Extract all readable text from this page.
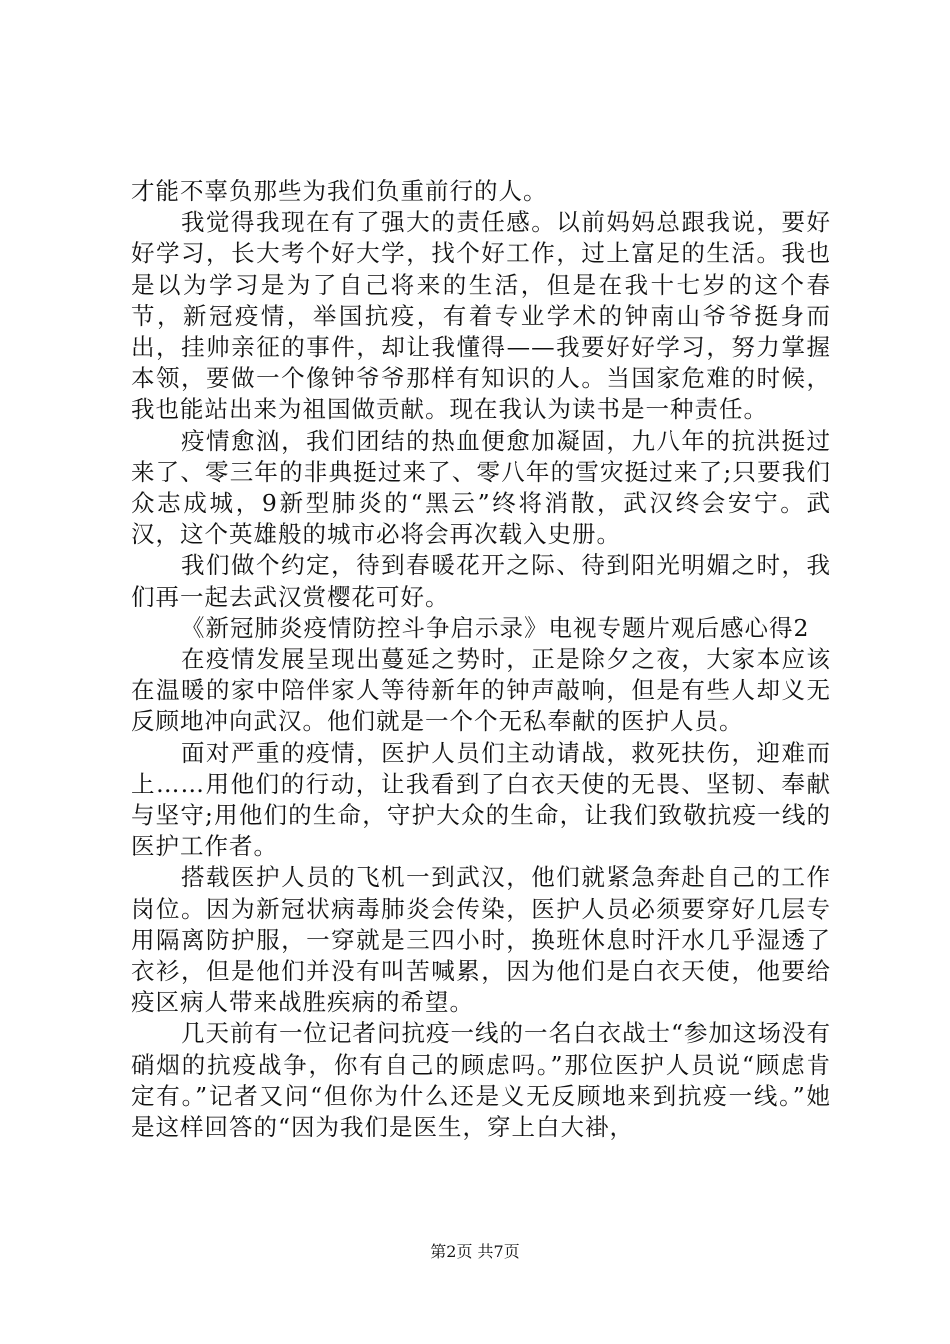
才能不辜负那些为我们负重前行的人。

我觉得我现在有了强大的责任感。以前妈妈总跟我说，要好好学习，长大考个好大学，找个好工作，过上富足的生活。我也是以为学习是为了自己将来的生活，但是在我十七岁的这个春节，新冠疫情，举国抗疫，有着专业学术的钟南山爷爷挺身而出，挂帅亲征的事件，却让我懂得——我要好好学习，努力掌握本领，要做一个像钟爷爷那样有知识的人。当国家危难的时候，我也能站出来为祖国做贡献。现在我认为读书是一种责任。

疫情愈汹，我们团结的热血便愈加凝固，九八年的抗洪挺过来了、零三年的非典挺过来了、零八年的雪灾挺过来了;只要我们众志成城，9新型肺炎的“黑云”终将消散，武汉终会安宁。武汉，这个英雄般的城市必将会再次载入史册。

我们做个约定，待到春暖花开之际、待到阳光明媚之时，我们再一起去武汉赏樱花可好。

《新冠肺炎疫情防控斗争启示录》电视专题片观后感心得2

在疫情发展呈现出蔓延之势时，正是除夕之夜，大家本应该在温暖的家中陪伴家人等待新年的钟声敲响，但是有些人却义无反顾地冲向武汉。他们就是一个个无私奉献的医护人员。

面对严重的疫情，医护人员们主动请战，救死扶伤，迎难而上……用他们的行动，让我看到了白衣天使的无畏、坚韧、奉献与坚守;用他们的生命，守护大众的生命，让我们致敬抗疫一线的医护工作者。

搭载医护人员的飞机一到武汉，他们就紧急奔赴自己的工作岗位。因为新冠状病毒肺炎会传染，医护人员必须要穿好几层专用隔离防护服，一穿就是三四小时，换班休息时汗水几乎湿透了衣衫，但是他们并没有叫苦喊累，因为他们是白衣天使，他要给疫区病人带来战胜疾病的希望。

几天前有一位记者问抗疫一线的一名白衣战士“参加这场没有硝烟的抗疫战争，你有自己的顾虑吗。”那位医护人员说“顾虑肯定有。”记者又问“但你为什么还是义无反顾地来到抗疫一线。”她是这样回答的“因为我们是医生，穿上白大褂，

第2页 共7页
